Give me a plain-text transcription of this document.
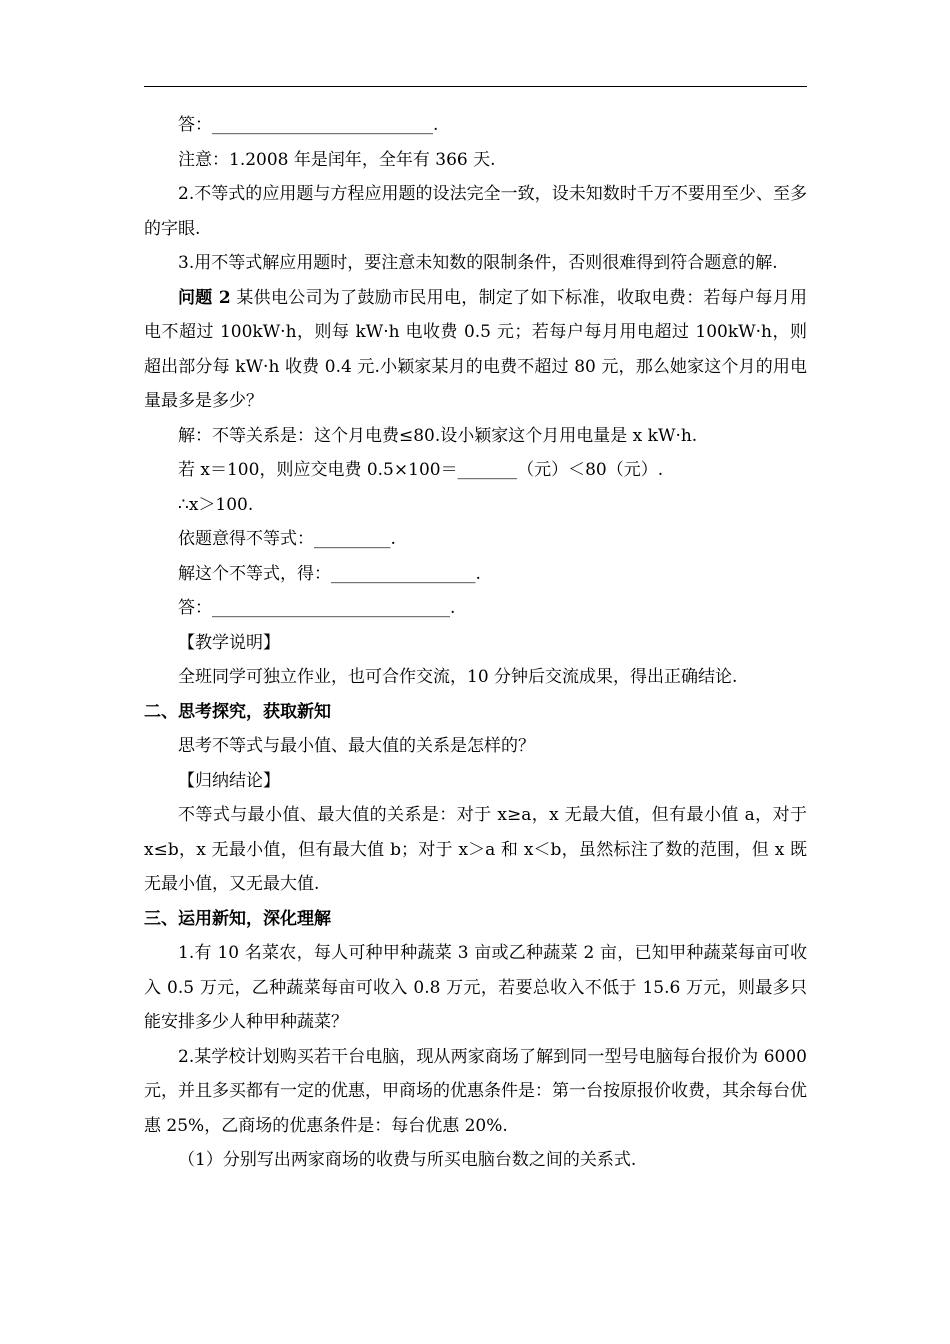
答：__________________________.

注意：1.2008 年是闰年，全年有 366 天.

2.不等式的应用题与方程应用题的设法完全一致，设未知数时千万不要用至少、至多的字眼.

3.用不等式解应用题时，要注意未知数的限制条件，否则很难得到符合题意的解.

问题 2 某供电公司为了鼓励市民用电，制定了如下标准，收取电费：若每户每月用电不超过 100kW·h，则每 kW·h 电收费 0.5 元；若每户每月用电超过 100kW·h，则超出部分每 kW·h 收费 0.4 元.小颖家某月的电费不超过 80 元，那么她家这个月的用电量最多是多少？

解：不等关系是：这个月电费≤80.设小颖家这个月用电量是 x kW·h.

若 x＝100，则应交电费 0.5×100＝_______（元）＜80（元）.

∴x＞100.

依题意得不等式：_________.

解这个不等式，得：_________________.

答：____________________________.

【教学说明】

全班同学可独立作业，也可合作交流，10 分钟后交流成果，得出正确结论.

二、思考探究，获取新知

思考不等式与最小值、最大值的关系是怎样的？

【归纳结论】

不等式与最小值、最大值的关系是：对于 x≥a，x 无最大值，但有最小值 a，对于 x≤b，x 无最小值，但有最大值 b；对于 x＞a 和 x＜b，虽然标注了数的范围，但 x 既无最小值，又无最大值.

三、运用新知，深化理解

1.有 10 名菜农，每人可种甲种蔬菜 3 亩或乙种蔬菜 2 亩，已知甲种蔬菜每亩可收入 0.5 万元，乙种蔬菜每亩可收入 0.8 万元，若要总收入不低于 15.6 万元，则最多只能安排多少人种甲种蔬菜？

2.某学校计划购买若干台电脑，现从两家商场了解到同一型号电脑每台报价为 6000 元，并且多买都有一定的优惠，甲商场的优惠条件是：第一台按原报价收费，其余每台优惠 25%，乙商场的优惠条件是：每台优惠 20%.

（1）分别写出两家商场的收费与所买电脑台数之间的关系式.
